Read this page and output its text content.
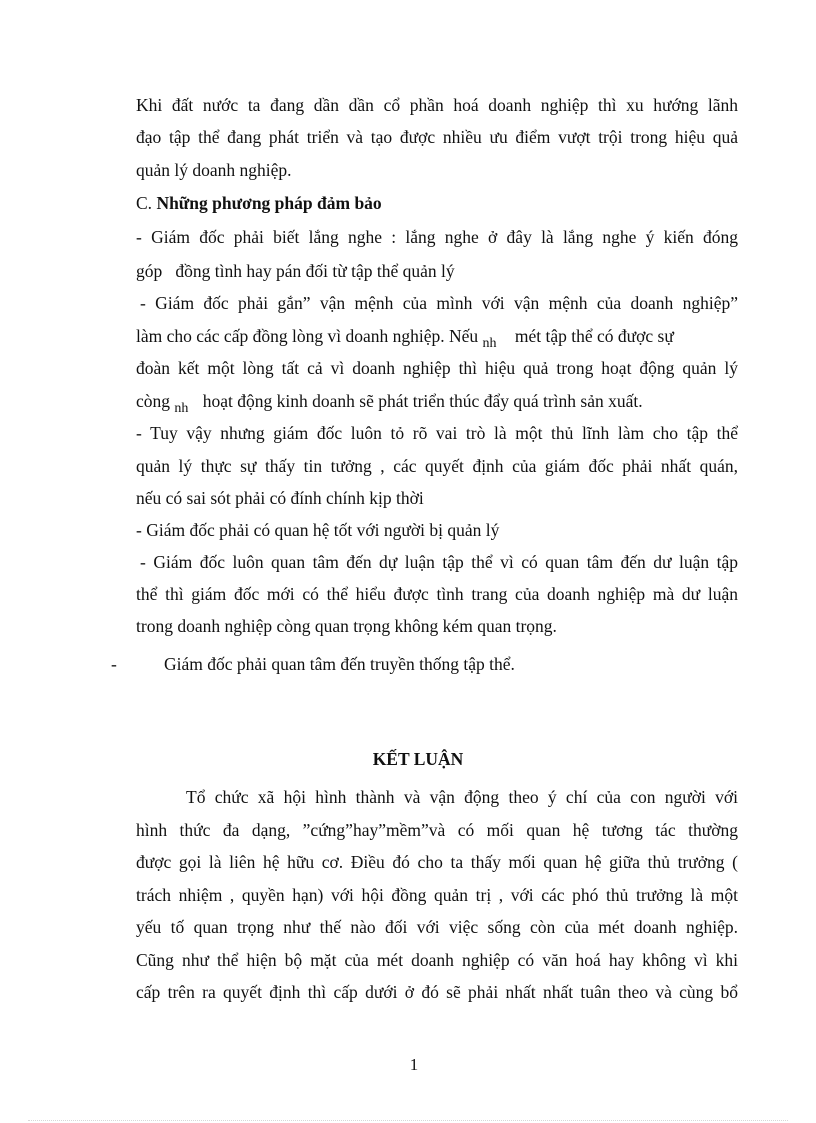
Khi đất nước ta đang dần dần cổ phần hoá doanh nghiệp thì xu hướng lãnh
đạo tập thể đang phát triển và tạo được nhiều ưu điểm vượt trội trong hiệu quả
quản lý doanh nghiệp.
C. Những phương pháp đảm bảo
- Giám đốc phải biết lắng nghe : lắng nghe ở đây là lắng nghe ý kiến đóng
góp   đồng tình hay pán đối từ tập thể quản lý
- Giám đốc phải gắn” vận mệnh của mình với vận mệnh của doanh nghiệp”
làm cho các cấp đồng lòng vì doanh nghiệp. Nếu $_{nh}$ mét tập thể có được sự
đoàn kết một lòng tất cả vì doanh nghiệp thì hiệu quả trong hoạt động quản lý
còng $_{nh}$ hoạt động kinh doanh sẽ phát triển thúc đẩy quá trình sản xuất.
- Tuy vậy nhưng giám đốc luôn tỏ rõ vai trò là một thủ lĩnh làm cho tập thể
quản lý thực sự thấy tin tưởng , các quyết định của giám đốc phải nhất quán,
nếu có sai sót phải có đính chính kịp thời
- Giám đốc phải có quan hệ tốt với người bị quản lý
- Giám đốc luôn quan tâm đến dự luận tập thể vì có quan tâm đến dư luận tập
thể thì giám đốc mới có thể hiểu được tình trang của doanh nghiệp mà dư luận
trong doanh nghiệp còng quan trọng không kém quan trọng.
-	Giám đốc phải quan tâm đến truyền thống tập thể.
KẾT LUẬN
Tổ chức xã hội hình thành và vận động theo ý chí của con người với
hình thức đa dạng, ”cứng”hay”mềm”và có mối quan hệ tương tác thường
được gọi là liên hệ hữu cơ. Điều đó cho ta thấy mối quan hệ giữa thủ trưởng (
trách nhiệm , quyền hạn) với hội đồng quản trị , với các phó thủ trưởng là một
yếu tố quan trọng như thế nào đối với việc sống còn của mét doanh nghiệp.
Cũng như thể hiện bộ mặt của mét doanh nghiệp có văn hoá hay không vì khi
cấp trên ra quyết định thì cấp dưới ở đó sẽ phải nhất nhất tuân theo và cùng bổ
1
